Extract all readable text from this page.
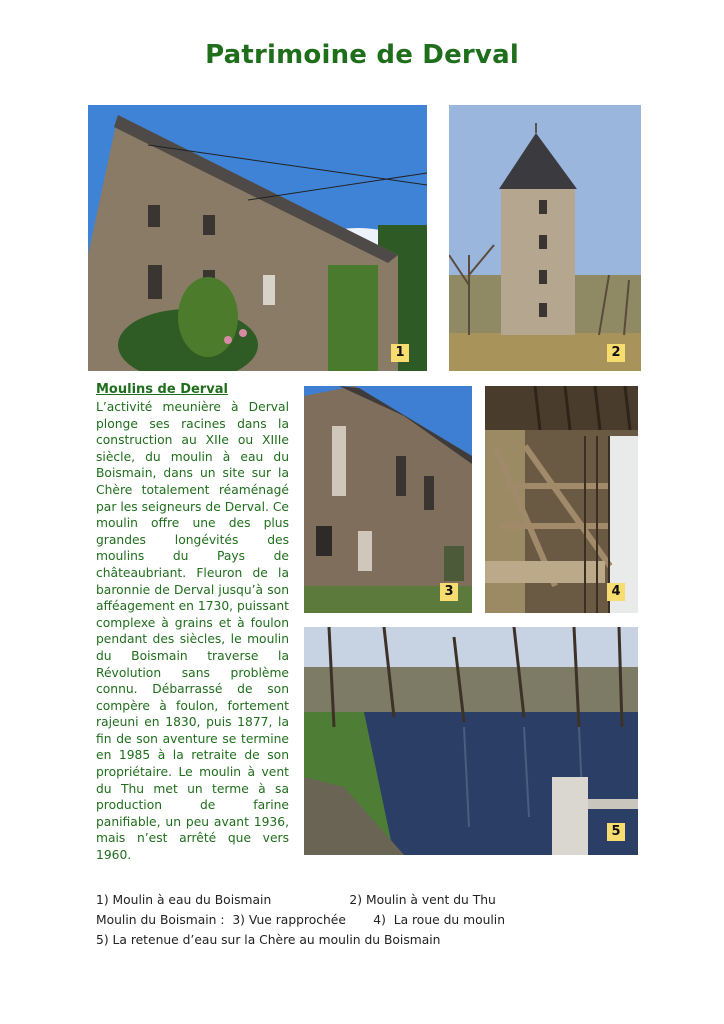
Patrimoine de Derval
1	2
Moulins de Derval

L’activité meunière à Derval plonge ses racines dans la construction au XIIe ou XIIIe siècle, du moulin à eau du Boismain, dans un site sur la Chère totalement réaménagé par les seigneurs de Derval. Ce moulin offre une des plus grandes longévités des moulins du Pays de châteaubriant. Fleuron de la baronnie de Derval jusqu’à son afféagement en 1730, puissant complexe à grains et à foulon pendant des siècles, le moulin du Boismain traverse la Révolution sans problème connu. Débarrassé de son compère à foulon, fortement rajeuni en 1830, puis 1877, la fin de son aventure se termine en 1985 à la retraite de son propriétaire. Le moulin à vent du Thu met un terme à sa production de farine panifiable, un peu avant 1936, mais n’est arrêté que vers 1960.

3	4
5
1) Moulin à eau du Boismain                    2) Moulin à vent du Thu
Moulin du Boismain :  3) Vue rapprochée       4)  La roue du moulin
5) La retenue d’eau sur la Chère au moulin du Boismain
